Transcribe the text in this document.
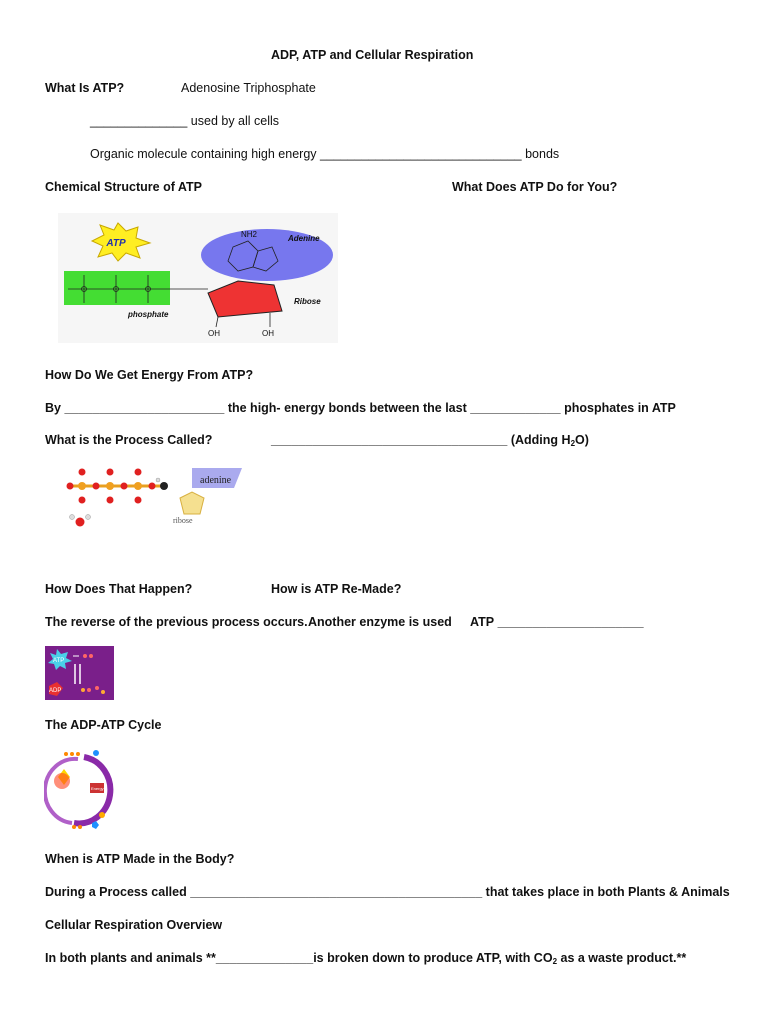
ADP, ATP and Cellular Respiration
What Is ATP?	Adenosine Triphosphate
______________ used by all cells
Organic molecule containing high energy _____________________________ bonds
Chemical Structure of ATP	What Does ATP Do for You?
ATP	Adenine
NH2
Ribose
OH	OH
phosphate
How Do We Get Energy From ATP?
By _______________________ the high- energy bonds between the last _____________ phosphates in ATP
What is the Process Called?	__________________________________ (Adding $H_2O$)
adenine
ribose
How Does That Happen?	How is ATP Re-Made?
The reverse of the previous process occurs. Another enzyme is used ATP _____________________
ATP
ADP
The ADP-ATP Cycle
Energy
When is ATP Made in the Body?
During a Process called __________________________________________ that takes place in both Plants & Animals
Cellular Respiration Overview
In both plants and animals **______________is broken down to produce ATP, with $CO_2$ as a waste product.**
